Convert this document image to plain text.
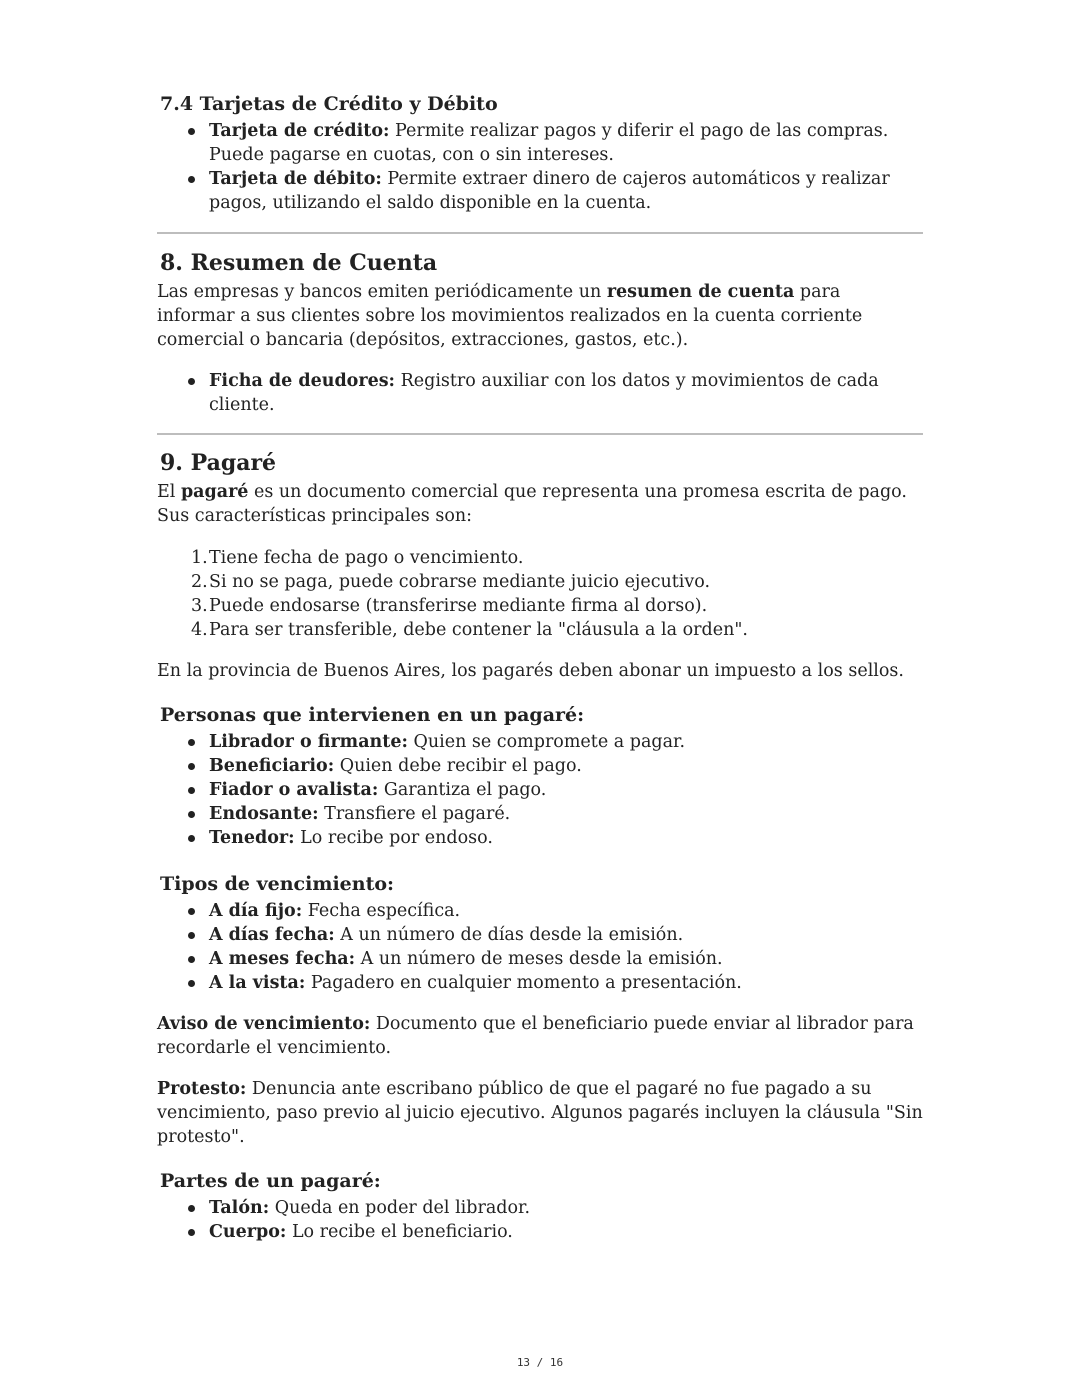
7.4 Tarjetas de Crédito y Débito
Tarjeta de crédito: Permite realizar pagos y diferir el pago de las compras. Puede pagarse en cuotas, con o sin intereses.
Tarjeta de débito: Permite extraer dinero de cajeros automáticos y realizar pagos, utilizando el saldo disponible en la cuenta.
8. Resumen de Cuenta

Las empresas y bancos emiten periódicamente un resumen de cuenta para informar a sus clientes sobre los movimientos realizados en la cuenta corriente comercial o bancaria (depósitos, extracciones, gastos, etc.).

Ficha de deudores: Registro auxiliar con los datos y movimientos de cada cliente.
9. Pagaré

El pagaré es un documento comercial que representa una promesa escrita de pago. Sus características principales son:

1. Tiene fecha de pago o vencimiento.
2. Si no se paga, puede cobrarse mediante juicio ejecutivo.
3. Puede endosarse (transferirse mediante firma al dorso).
4. Para ser transferible, debe contener la "cláusula a la orden".

En la provincia de Buenos Aires, los pagarés deben abonar un impuesto a los sellos.

Personas que intervienen en un pagaré:
Librador o firmante: Quien se compromete a pagar.
Beneficiario: Quien debe recibir el pago.
Fiador o avalista: Garantiza el pago.
Endosante: Transfiere el pagaré.
Tenedor: Lo recibe por endoso.
Tipos de vencimiento:
A día fijo: Fecha específica.
A días fecha: A un número de días desde la emisión.
A meses fecha: A un número de meses desde la emisión.
A la vista: Pagadero en cualquier momento a presentación.

Aviso de vencimiento: Documento que el beneficiario puede enviar al librador para recordarle el vencimiento.

Protesto: Denuncia ante escribano público de que el pagaré no fue pagado a su vencimiento, paso previo al juicio ejecutivo. Algunos pagarés incluyen la cláusula "Sin protesto".

Partes de un pagaré:
Talón: Queda en poder del librador.
Cuerpo: Lo recibe el beneficiario.
13 / 16
